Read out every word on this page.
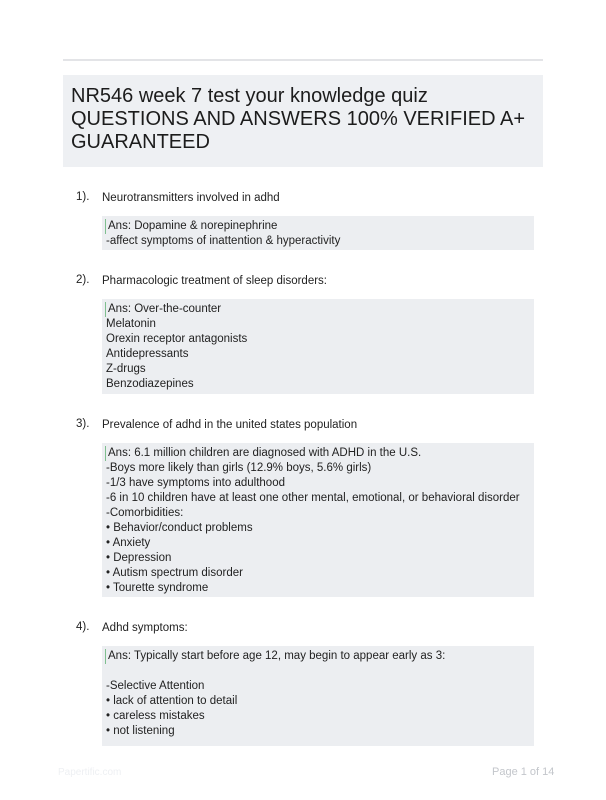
NR546 week 7 test your knowledge quiz
QUESTIONS AND ANSWERS 100% VERIFIED A+
GUARANTEED
1). Neurotransmitters involved in adhd
Ans: Dopamine & norepinephrine
-affect symptoms of inattention & hyperactivity
2). Pharmacologic treatment of sleep disorders:
Ans: Over-the-counter
Melatonin
Orexin receptor antagonists
Antidepressants
Z-drugs
Benzodiazepines
3). Prevalence of adhd in the united states population
Ans: 6.1 million children are diagnosed with ADHD in the U.S.
-Boys more likely than girls (12.9% boys, 5.6% girls)
-1/3 have symptoms into adulthood
-6 in 10 children have at least one other mental, emotional, or behavioral disorder
-Comorbidities:
• Behavior/conduct problems
• Anxiety
• Depression
• Autism spectrum disorder
• Tourette syndrome
4). Adhd symptoms:
Ans: Typically start before age 12, may begin to appear early as 3:
-Selective Attention
• lack of attention to detail
• careless mistakes
• not listening
Papertific.com	Page 1 of 14
